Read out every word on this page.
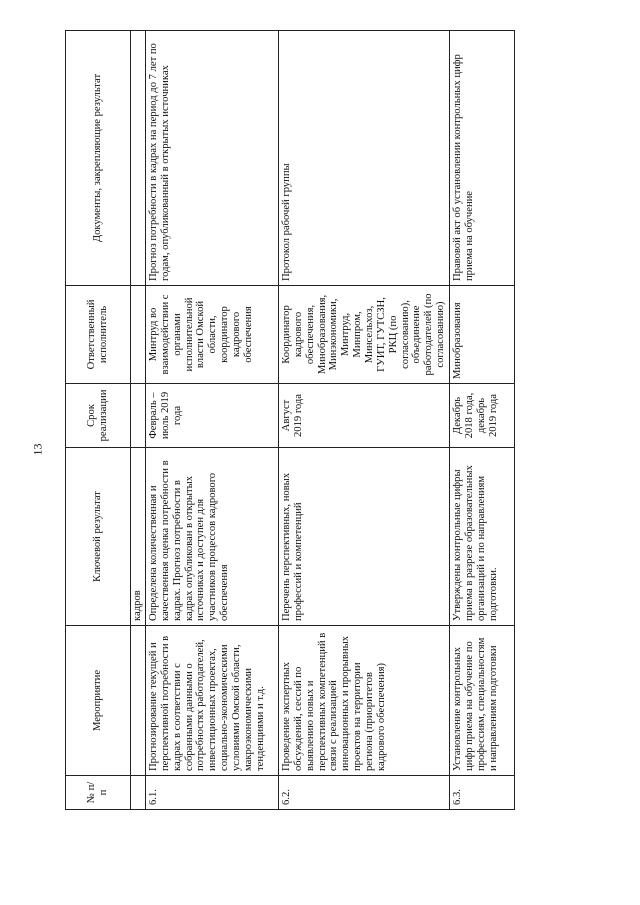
13
№ п/п	Мероприятие	Ключевой результат	Срок реализации	Ответственный исполнитель	Документы, закрепляющие результат
		кадров			
6.1.	Прогнозирование текущей и перспективной потребности в кадрах в соответствии с собранными данными о потребностях работодателей, инвестиционных проектах, социально-экономическими условиями Омской области, макроэкономическими тенденциями и т.д.	Определена количественная и качественная оценка потребности в кадрах. Прогноз потребности в кадрах опубликован в открытых источниках и доступен для участников процессов кадрового обеспечения	Февраль – июль 2019 года	Минтруд во взаимодействии с органами исполнительной власти Омской области, координатор кадрового обеспечения	Прогноз потребности в кадрах на период до 7 лет по годам, опубликованный в открытых источниках
6.2.	Проведение экспертных обсуждений, сессий по выявлению новых и перспективных компетенций в связи с реализацией инновационных и прорывных проектов на территории региона (приоритетов кадрового обеспечения)	Перечень перспективных, новых профессий и компетенций	Август 2019 года	Координатор кадрового обеспечения, Минобразования, Минэкономики, Минтруд, Минпром, Минсельхоз, ГУИТ, ГУТСЗН, РКЦ (по согласованию), объединение работодателей (по согласованию)	Протокол рабочей группы
6.3.	Установление контрольных цифр приема на обучение по профессиям, специальностям и направлениям подготовки	Утверждены контрольные цифры приема в разрезе образовательных организаций и по направлениям подготовки.	Декабрь 2018 года, декабрь 2019 года	Минобразования	Правовой акт об установлении контрольных цифр приема на обучение
